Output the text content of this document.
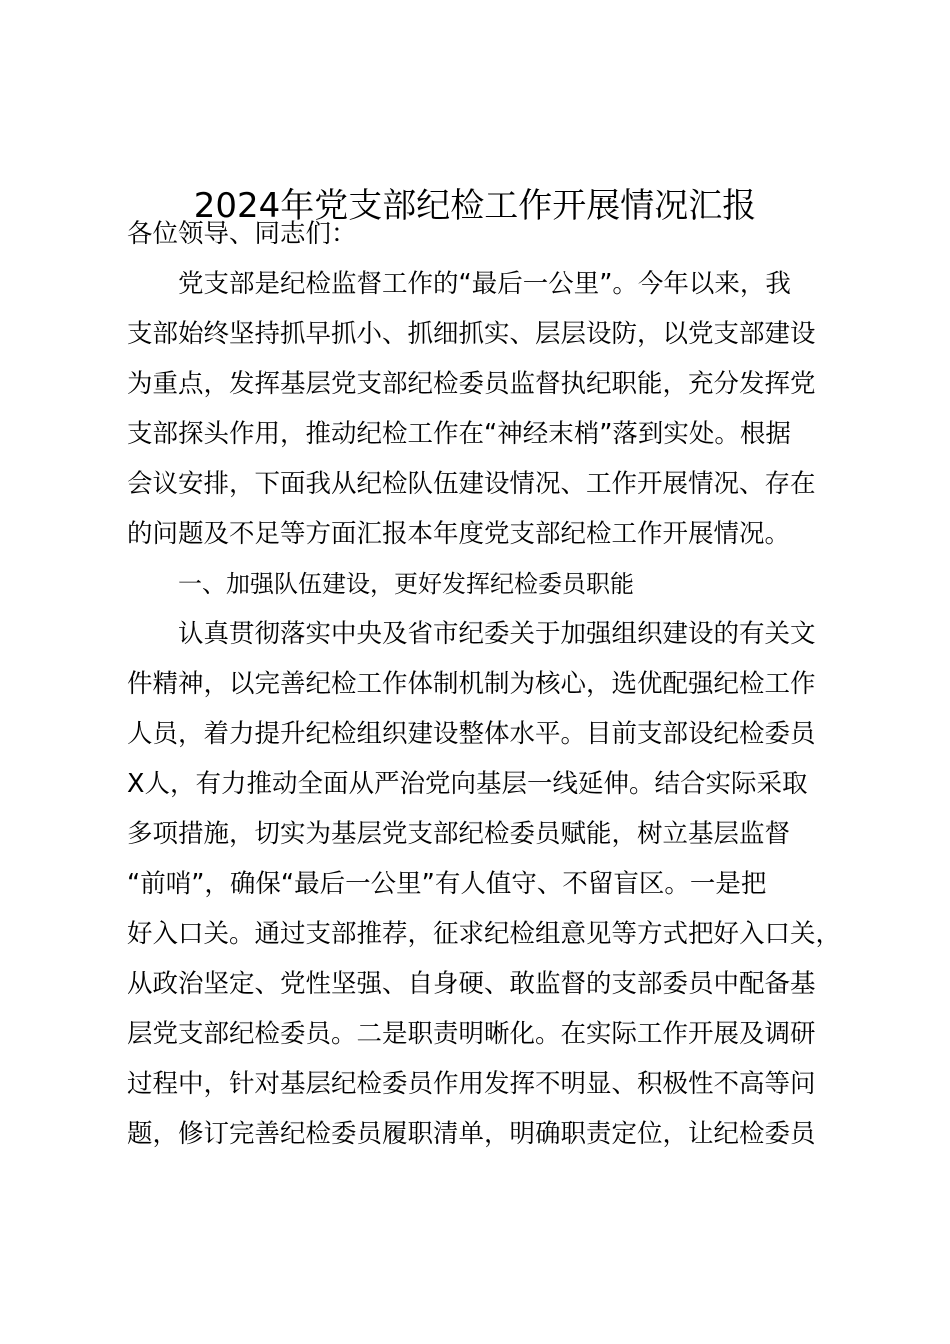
2024年党支部纪检工作开展情况汇报
各位领导、同志们：
党支部是纪检监督工作的“最后一公里”。今年以来，我
支部始终坚持抓早抓小、抓细抓实、层层设防，以党支部建设
为重点，发挥基层党支部纪检委员监督执纪职能，充分发挥党
支部探头作用，推动纪检工作在“神经末梢”落到实处。根据
会议安排，下面我从纪检队伍建设情况、工作开展情况、存在
的问题及不足等方面汇报本年度党支部纪检工作开展情况。
一、加强队伍建设，更好发挥纪检委员职能
认真贯彻落实中央及省市纪委关于加强组织建设的有关文
件精神，以完善纪检工作体制机制为核心，选优配强纪检工作
人员，着力提升纪检组织建设整体水平。目前支部设纪检委员
X人，有力推动全面从严治党向基层一线延伸。结合实际采取
多项措施，切实为基层党支部纪检委员赋能，树立基层监督
“前哨”，确保“最后一公里”有人值守、不留盲区。一是把
好入口关。通过支部推荐，征求纪检组意见等方式把好入口关，
从政治坚定、党性坚强、自身硬、敢监督的支部委员中配备基
层党支部纪检委员。二是职责明晰化。在实际工作开展及调研
过程中，针对基层纪检委员作用发挥不明显、积极性不高等问
题，修订完善纪检委员履职清单，明确职责定位，让纪检委员
